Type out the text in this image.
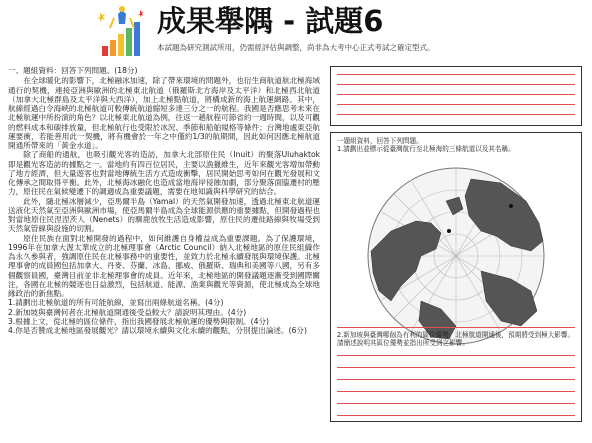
成果舉隅 - 試題6
本試題為研究測試所用，仍需經評估與調整，尚非為大考中心正式考試之確定型式。

一、題組資料：回答下列問題。(18分)

在全球暖化的影響下，北極融冰加速，除了帶來環境的問題外，也衍生商航道航北極海域通行的契機，連接亞洲與歐洲的北極東北航道（俄羅斯北方海岸及太平洋）和北極西北航道（加拿大北極群島及太平洋與大西洋），加上北極點航道，將構成新的海上航運網路。其中，航線經過白令海峽的北極航道可較傳統航道縮短多達三分之一的航程。我國是否應思考未來在北極航運中所扮演的角色？以北極東北航道為例，往返一趟航程可節省約一週時間，以及可觀的燃料成本和碳排放量，但北極航行也受限於冰況、季節和船舶規格等條件；台灣地處東亞航運要衝，若能善用此一契機，將有機會於一年之中僅約1/3的航期間，因此如何因應北極航道開通所帶來的「黃金水道」。

除了商船的通航，也吸引觀光客的造訪，加拿大北部原住民（Inuit）的聚落Uluhaktok即是觀光客造訪的據點之一。當地約有四百位居民，主要以漁獵維生，近年來觀光客增加帶動了地方經濟，但大量遊客也對當地傳統生活方式造成衝擊，居民開始思考如何在觀光發展和文化傳承之間取得平衡。此外，北極海冰融化也造成當地海岸侵蝕加劇，部分聚落面臨遷村的壓力，原住民在氣候變遷下的調適成為重要議題，需要在地知識與科學研究的結合。

此外，隨北極冰層減少，亞馬爾半島（Yamal）的天然氣開發加速，透過北極東北航道運送液化天然氣至亞洲與歐洲市場，使亞馬爾半島成為全球能源供應的重要據點，但開發過程也對當地原住民涅涅茨人（Nenets）的馴鹿放牧生活造成影響，原住民的遷徙路線與牧場受到天然氣管線與設施的切割。

原住民族在面對北極開發的過程中，如何維護自身權益成為重要課題。為了保護環境，1996年在加拿大渥太華成立的北極理事會（Arctic Council）納入北極地區的原住民組織作為永久參與者，強調原住民在北極事務中的重要性，並致力於北極永續發展與環境保護。北極理事會的成員國包括加拿大、丹麥、芬蘭、冰島、挪威、俄羅斯、瑞典和美國等八國，另有多個觀察員國，臺灣目前並非北極理事會的成員。近年來，北極地區的開發議題逐漸受到國際關注，各國在北極的競逐也日益激烈，包括航道、能源、漁業與觀光等資源，使北極成為全球地緣政治的新焦點。

1.請劃出北極航道的所有可能航線，並寫出兩條航道名稱。(4分)

2.新加坡與臺灣何者在北極航道開通後受益較大？請說明其理由。(4分)

3.根據上文，從北極的區位條件，指出我國發展北極航運的優勢與限制。(4分)

4.你是否贊成北極地區發展觀光？請以環境永續與文化永續的觀點，分別提出論述。(6分)

一題組資料，回答下列問題。
1.請劃出並標示從臺灣航行至北極海的三條航道以及其名稱。
2.新加坡與臺灣哪個為有利的區位優勢，北極航道開通後，預期將受到極大影響。請簡述說明其區位優勢並指出所受到之影響。
